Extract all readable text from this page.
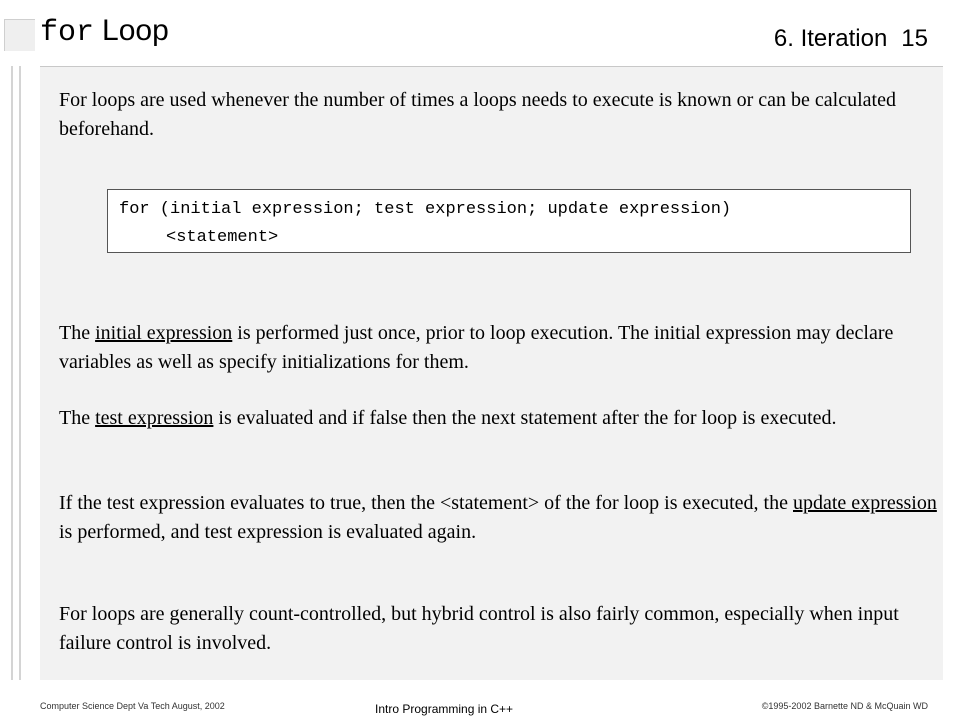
for Loop	6. Iteration 15

For loops are used whenever the number of times a loops needs to execute is known or can be calculated beforehand.

for (initial expression; test expression; update expression)
<statement>

The initial expression is performed just once, prior to loop execution. The initial expression may declare variables as well as specify initializations for them.

The test expression is evaluated and if false then the next statement after the for loop is executed.

If the test expression evaluates to true, then the <statement> of the for loop is executed, the update expression is performed, and test expression is evaluated again.

For loops are generally count-controlled, but hybrid control is also fairly common, especially when input failure control is involved.

Computer Science Dept Va Tech August, 2002	Intro Programming in C++	©1995-2002 Barnette ND & McQuain WD
